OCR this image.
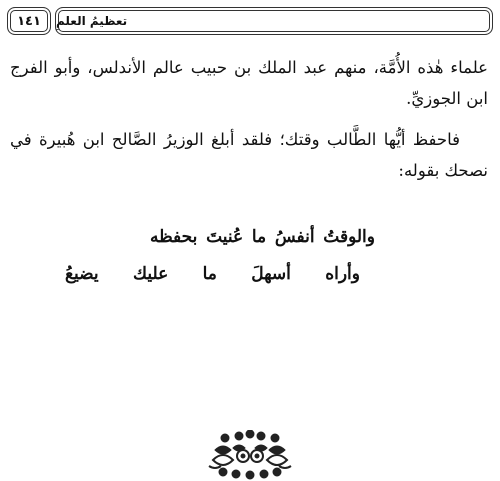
تعظيمُ العلمِ
١٤١

علماء هٰذه الأُمَّة، منهم عبد الملك بن حبيب عالم الأندلس، وأبو الفرج ابن الجوزيِّ.

فاحفظ أيُّها الطَّالب وقتك؛ فلقد أبلغ الوزيرُ الصَّالح ابن هُبيرة في نصحك بقوله:

والوقتُ أنفسُ ما عُنيتَ بحفظه
وأراه أسهلَ ما عليك يضيعُ
